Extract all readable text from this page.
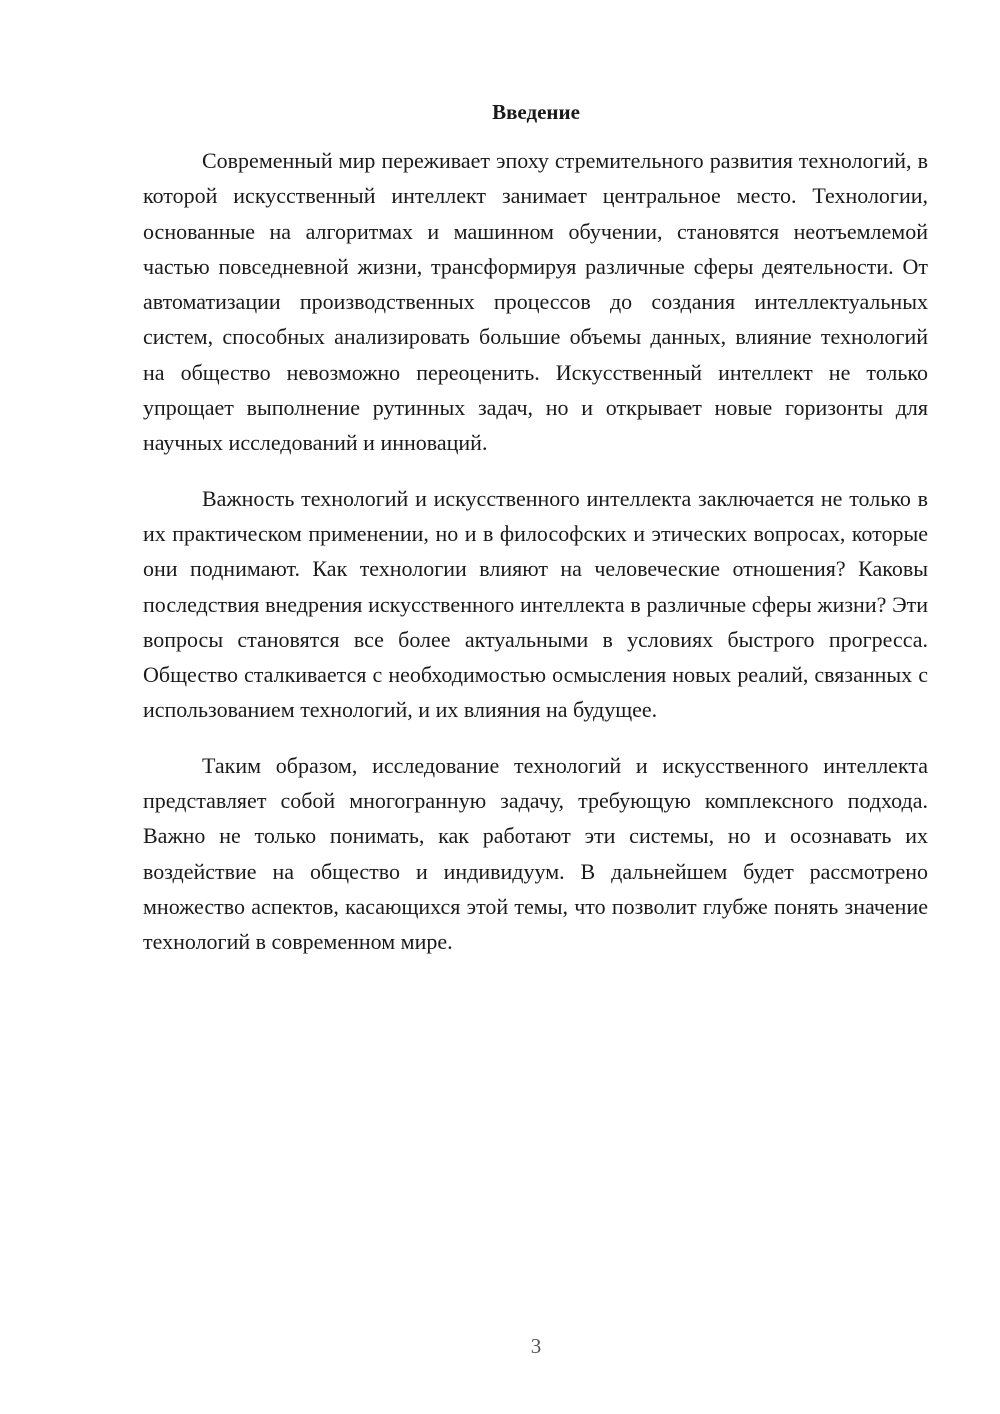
Введение

Современный мир переживает эпоху стремительного развития технологий, в которой искусственный интеллект занимает центральное место. Технологии, основанные на алгоритмах и машинном обучении, становятся неотъемлемой частью повседневной жизни, трансформируя различные сферы деятельности. От автоматизации производственных процессов до создания интеллектуальных систем, способных анализировать большие объемы данных, влияние технологий на общество невозможно переоценить. Искусственный интеллект не только упрощает выполнение рутинных задач, но и открывает новые горизонты для научных исследований и инноваций.

Важность технологий и искусственного интеллекта заключается не только в их практическом применении, но и в философских и этических вопросах, которые они поднимают. Как технологии влияют на человеческие отношения? Каковы последствия внедрения искусственного интеллекта в различные сферы жизни? Эти вопросы становятся все более актуальными в условиях быстрого прогресса. Общество сталкивается с необходимостью осмысления новых реалий, связанных с использованием технологий, и их влияния на будущее.

Таким образом, исследование технологий и искусственного интеллекта представляет собой многогранную задачу, требующую комплексного подхода. Важно не только понимать, как работают эти системы, но и осознавать их воздействие на общество и индивидуум. В дальнейшем будет рассмотрено множество аспектов, касающихся этой темы, что позволит глубже понять значение технологий в современном мире.

3
